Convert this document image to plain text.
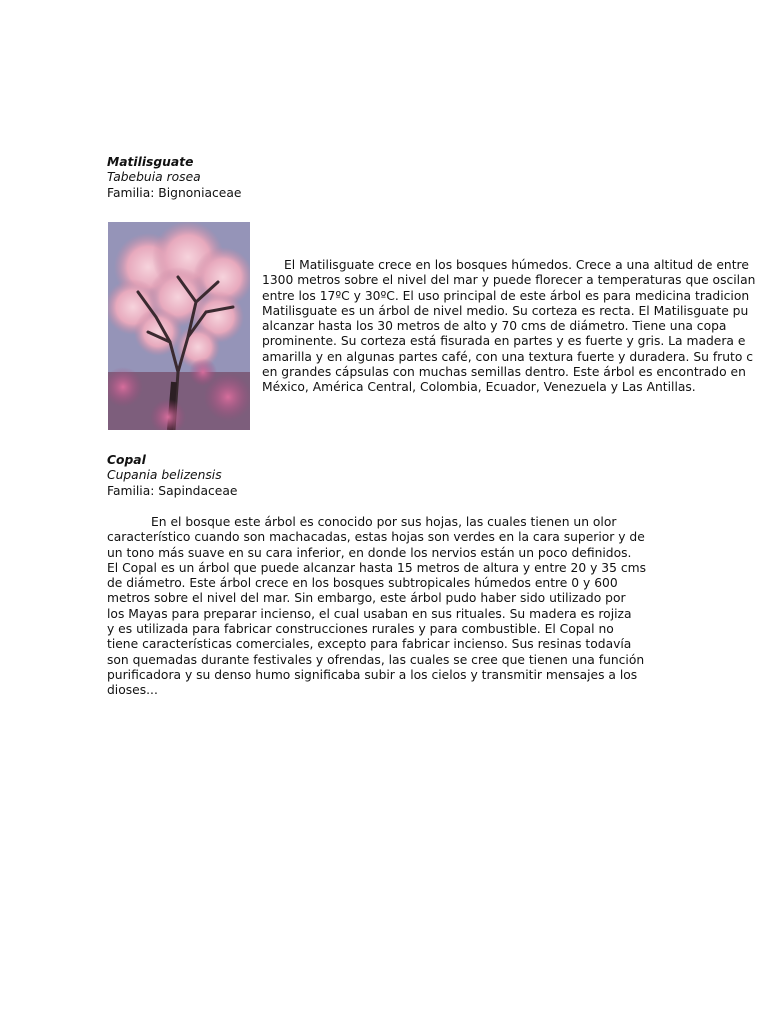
Matilisguate
Tabebuia rosea
Familia: Bignoniaceae
El Matilisguate crece en los bosques húmedos. Crece a una altitud de entre
1300 metros sobre el nivel del mar y puede florecer a temperaturas que oscilan
entre los 17ºC y 30ºC. El uso principal de este árbol es para medicina tradicion
Matilisguate es un árbol de nivel medio. Su corteza es recta. El Matilisguate pu
alcanzar hasta los 30 metros de alto y 70 cms de diámetro. Tiene una copa
prominente. Su corteza está fisurada en partes y es fuerte y gris. La madera e
amarilla y en algunas partes café, con una textura fuerte y duradera. Su fruto c
en grandes cápsulas con muchas semillas dentro. Este árbol es encontrado en
México, América Central, Colombia, Ecuador, Venezuela y Las Antillas.
Copal
Cupania belizensis
Familia: Sapindaceae
En el bosque este árbol es conocido por sus hojas, las cuales tienen un olor
característico cuando son machacadas, estas hojas son verdes en la cara superior y de
un tono más suave en su cara inferior, en donde los nervios están un poco definidos.
El Copal es un árbol que puede alcanzar hasta 15 metros de altura y entre 20 y 35 cms
de diámetro. Este árbol crece en los bosques subtropicales húmedos entre 0 y 600
metros sobre el nivel del mar. Sin embargo, este árbol pudo haber sido utilizado por
los Mayas para preparar incienso, el cual usaban en sus rituales. Su madera es rojiza
y es utilizada para fabricar construcciones rurales y para combustible. El Copal no
tiene características comerciales, excepto para fabricar incienso. Sus resinas todavía
son quemadas durante festivales y ofrendas, las cuales se cree que tienen una función
purificadora y su denso humo significaba subir a los cielos y transmitir mensajes a los
dioses...
